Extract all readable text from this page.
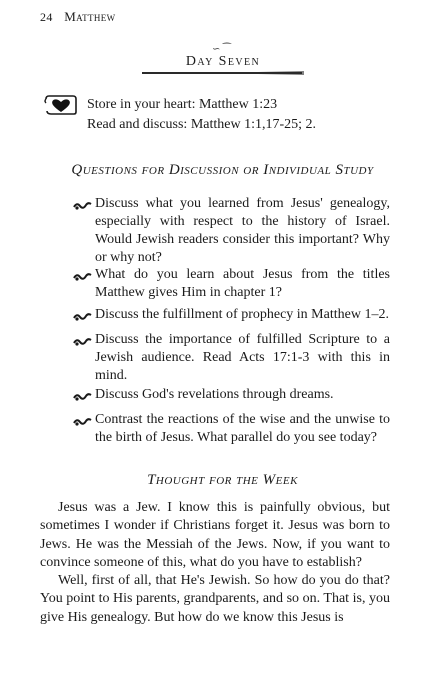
24 Matthew
∽ ⁀
Day Seven
Store in your heart: Matthew 1:23
Read and discuss: Matthew 1:1,17-25; 2.
Questions for Discussion or Individual Study
Discuss what you learned from Jesus' genealogy, especially with respect to the history of Israel. Would Jewish readers consider this important? Why or why not?
What do you learn about Jesus from the titles Matthew gives Him in chapter 1?
Discuss the fulfillment of prophecy in Matthew 1–2.
Discuss the importance of fulfilled Scripture to a Jewish audience. Read Acts 17:1-3 with this in mind.
Discuss God's revelations through dreams.
Contrast the reactions of the wise and the unwise to the birth of Jesus. What parallel do you see today?
Thought for the Week
Jesus was a Jew. I know this is painfully obvious, but sometimes I wonder if Christians forget it. Jesus was born to Jews. He was the Messiah of the Jews. Now, if you want to convince someone of this, what do you have to establish?
Well, first of all, that He's Jewish. So how do you do that? You point to His parents, grandparents, and so on. That is, you give His genealogy. But how do we know this Jesus is
